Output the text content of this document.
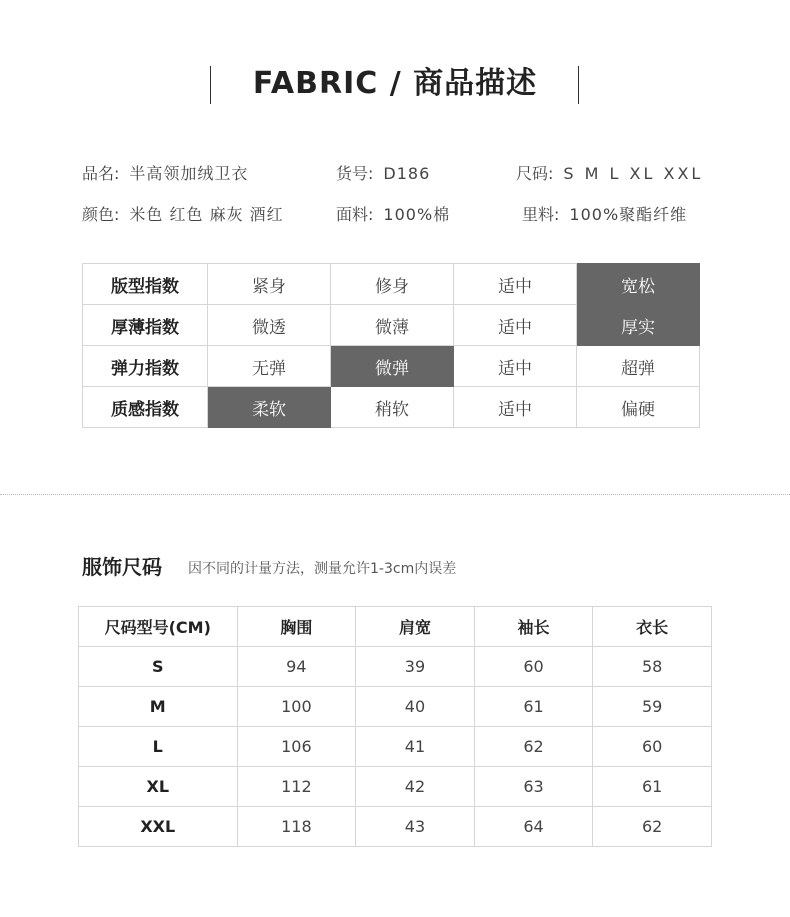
FABRIC / 商品描述
品名: 半高领加绒卫衣	货号: D186	尺码: S M L XL XXL
颜色: 米色 红色 麻灰 酒红	面料: 100%棉	里料: 100%聚酯纤维
版型指数	紧身	修身	适中	宽松
厚薄指数	微透	微薄	适中	厚实
弹力指数	无弹	微弹	适中	超弹
质感指数	柔软	稍软	适中	偏硬
服饰尺码 因不同的计量方法，测量允许1-3cm内误差
尺码型号(CM)	胸围	肩宽	袖长	衣长
S	94	39	60	58
M	100	40	61	59
L	106	41	62	60
XL	112	42	63	61
XXL	118	43	64	62
